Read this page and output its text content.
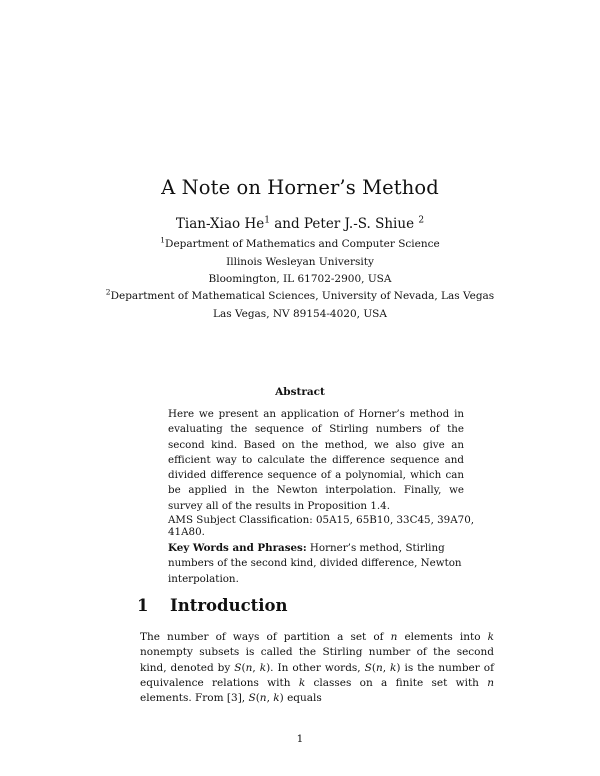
A Note on Horner’s Method
Tian-Xiao He$^1$ and Peter J.-S. Shiue $^2$
$^1$Department of Mathematics and Computer Science
Illinois Wesleyan University
Bloomington, IL 61702-2900, USA
$^2$Department of Mathematical Sciences, University of Nevada, Las Vegas
Las Vegas, NV 89154-4020, USA
Abstract
Here we present an application of Horner’s method in evaluating the sequence of Stirling numbers of the second kind. Based on the method, we also give an efficient way to calculate the difference sequence and divided difference sequence of a polynomial, which can be applied in the Newton interpolation. Finally, we survey all of the results in Proposition 1.4.
AMS Subject Classification: 05A15, 65B10, 33C45, 39A70, 41A80.
Key Words and Phrases: Horner’s method, Stirling numbers of the second kind, divided difference, Newton interpolation.
1 Introduction
The number of ways of partition a set of n elements into k nonempty subsets is called the Stirling number of the second kind, denoted by S(n, k). In other words, S(n, k) is the number of equivalence relations with k classes on a finite set with n elements. From [3], S(n, k) equals
1
